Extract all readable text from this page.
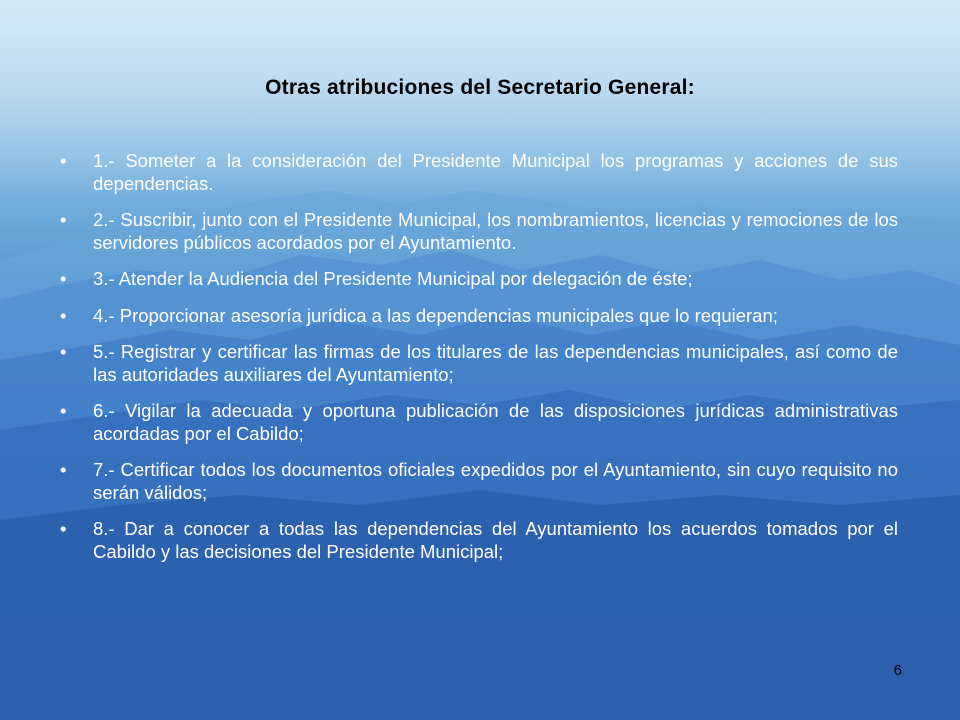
Otras atribuciones del Secretario General:
• 1.- Someter a la consideración del Presidente Municipal los programas y acciones de sus dependencias.
• 2.- Suscribir, junto con el Presidente Municipal, los nombramientos, licencias y remociones de los servidores públicos acordados por el Ayuntamiento.
• 3.- Atender la Audiencia del Presidente Municipal por delegación de éste;
• 4.- Proporcionar asesoría jurídica a las dependencias municipales que lo requieran;
• 5.- Registrar y certificar las firmas de los titulares de las dependencias municipales, así como de las autoridades auxiliares del Ayuntamiento;
• 6.- Vigilar la adecuada y oportuna publicación de las disposiciones jurídicas administrativas acordadas por el Cabildo;
• 7.- Certificar todos los documentos oficiales expedidos por el Ayuntamiento, sin cuyo requisito no serán válidos;
• 8.- Dar a conocer a todas las dependencias del Ayuntamiento los acuerdos tomados por el Cabildo y las decisiones del Presidente Municipal;
6
